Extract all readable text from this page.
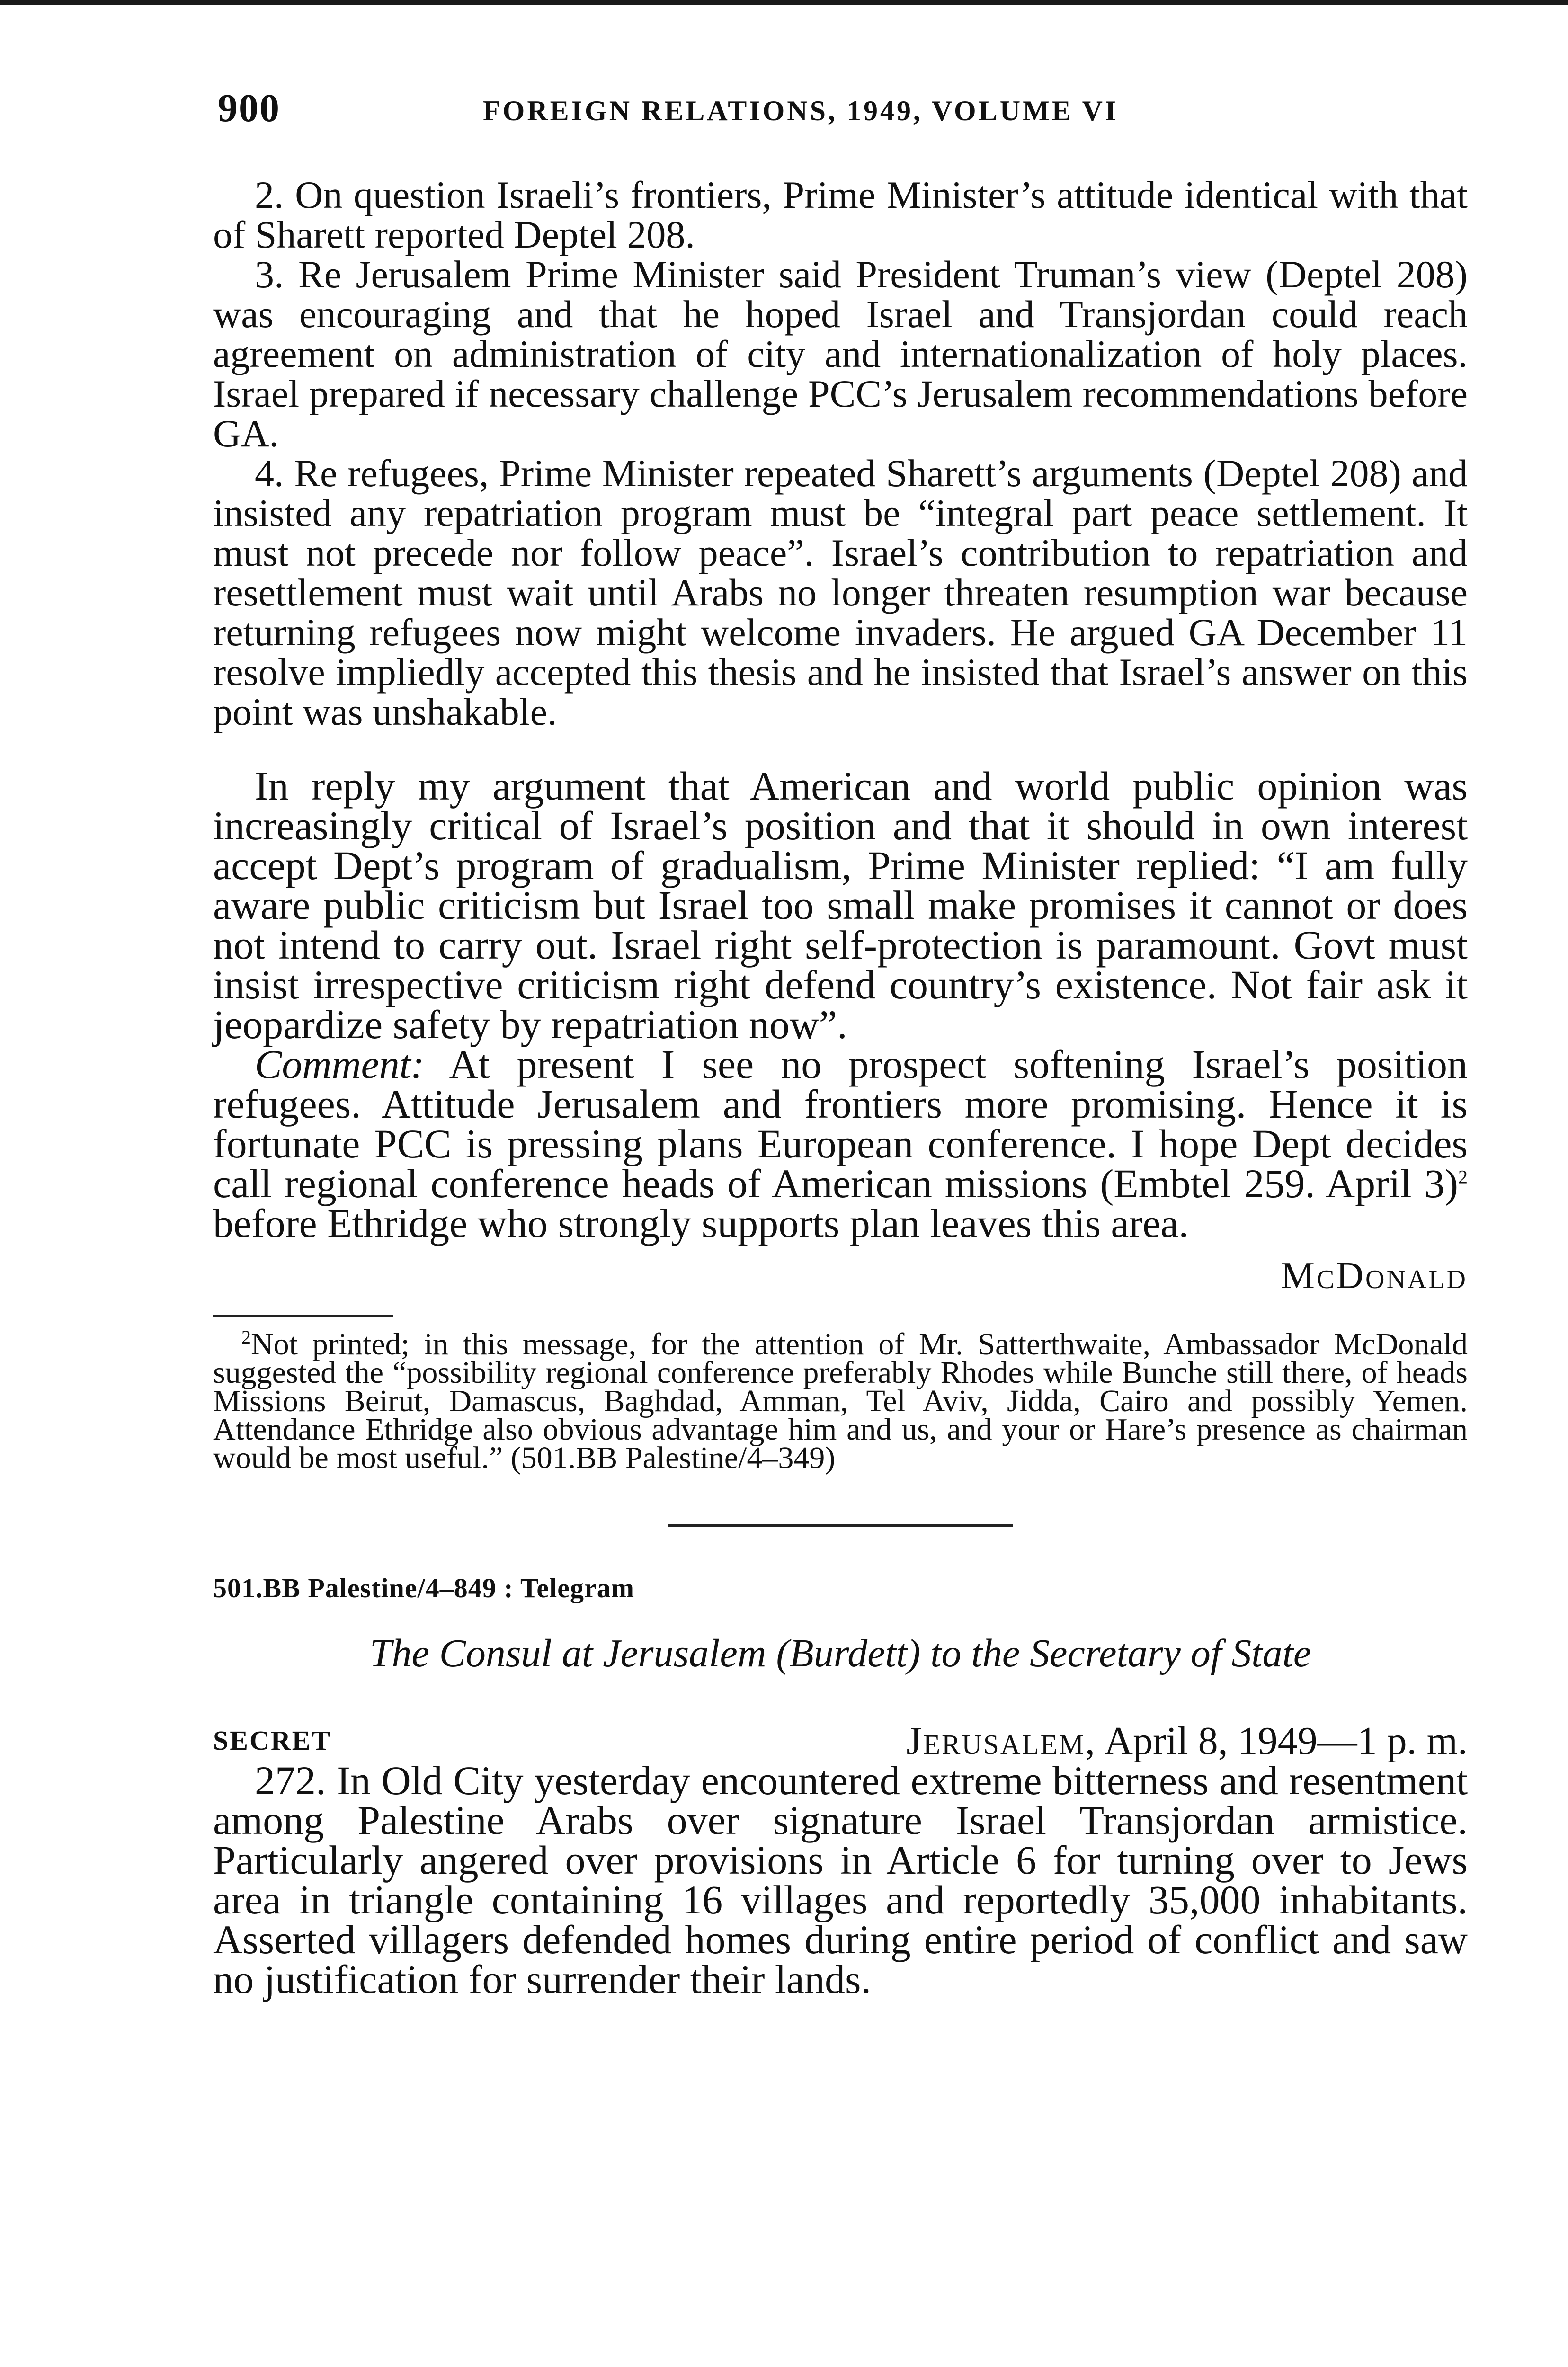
900	FOREIGN RELATIONS, 1949, VOLUME VI

2. On question Israeli’s frontiers, Prime Minister’s attitude identical with that of Sharett reported Deptel 208.

3. Re Jerusalem Prime Minister said President Truman’s view (Deptel 208) was encouraging and that he hoped Israel and Transjordan could reach agreement on administration of city and internationalization of holy places. Israel prepared if necessary challenge PCC’s Jerusalem recommendations before GA.

4. Re refugees, Prime Minister repeated Sharett’s arguments (Deptel 208) and insisted any repatriation program must be “integral part peace settlement. It must not precede nor follow peace”. Israel’s contribution to repatriation and resettlement must wait until Arabs no longer threaten resumption war because returning refugees now might welcome invaders. He argued GA December 11 resolve impliedly accepted this thesis and he insisted that Israel’s answer on this point was unshakable.

In reply my argument that American and world public opinion was increasingly critical of Israel’s position and that it should in own interest accept Dept’s program of gradualism, Prime Minister replied: “I am fully aware public criticism but Israel too small make promises it cannot or does not intend to carry out. Israel right self-protection is paramount. Govt must insist irrespective criticism right defend country’s existence. Not fair ask it jeopardize safety by repatriation now”.

Comment: At present I see no prospect softening Israel’s position refugees. Attitude Jerusalem and frontiers more promising. Hence it is fortunate PCC is pressing plans European conference. I hope Dept decides call regional conference heads of American missions (Embtel 259. April 3)$^2$ before Ethridge who strongly supports plan leaves this area.

McDonald

$^2$Not printed; in this message, for the attention of Mr. Satterthwaite, Ambassador McDonald suggested the “possibility regional conference preferably Rhodes while Bunche still there, of heads Missions Beirut, Damascus, Baghdad, Amman, Tel Aviv, Jidda, Cairo and possibly Yemen. Attendance Ethridge also obvious advantage him and us, and your or Hare’s presence as chairman would be most useful.” (501.BB Palestine/4–349)

501.BB Palestine/4–849 : Telegram

The Consul at Jerusalem (Burdett) to the Secretary of State

SECRET	Jerusalem, April 8, 1949—1 p. m.

272. In Old City yesterday encountered extreme bitterness and resentment among Palestine Arabs over signature Israel Transjordan armistice. Particularly angered over provisions in Article 6 for turning over to Jews area in triangle containing 16 villages and reportedly 35,000 inhabitants. Asserted villagers defended homes during entire period of conflict and saw no justification for surrender their lands.
